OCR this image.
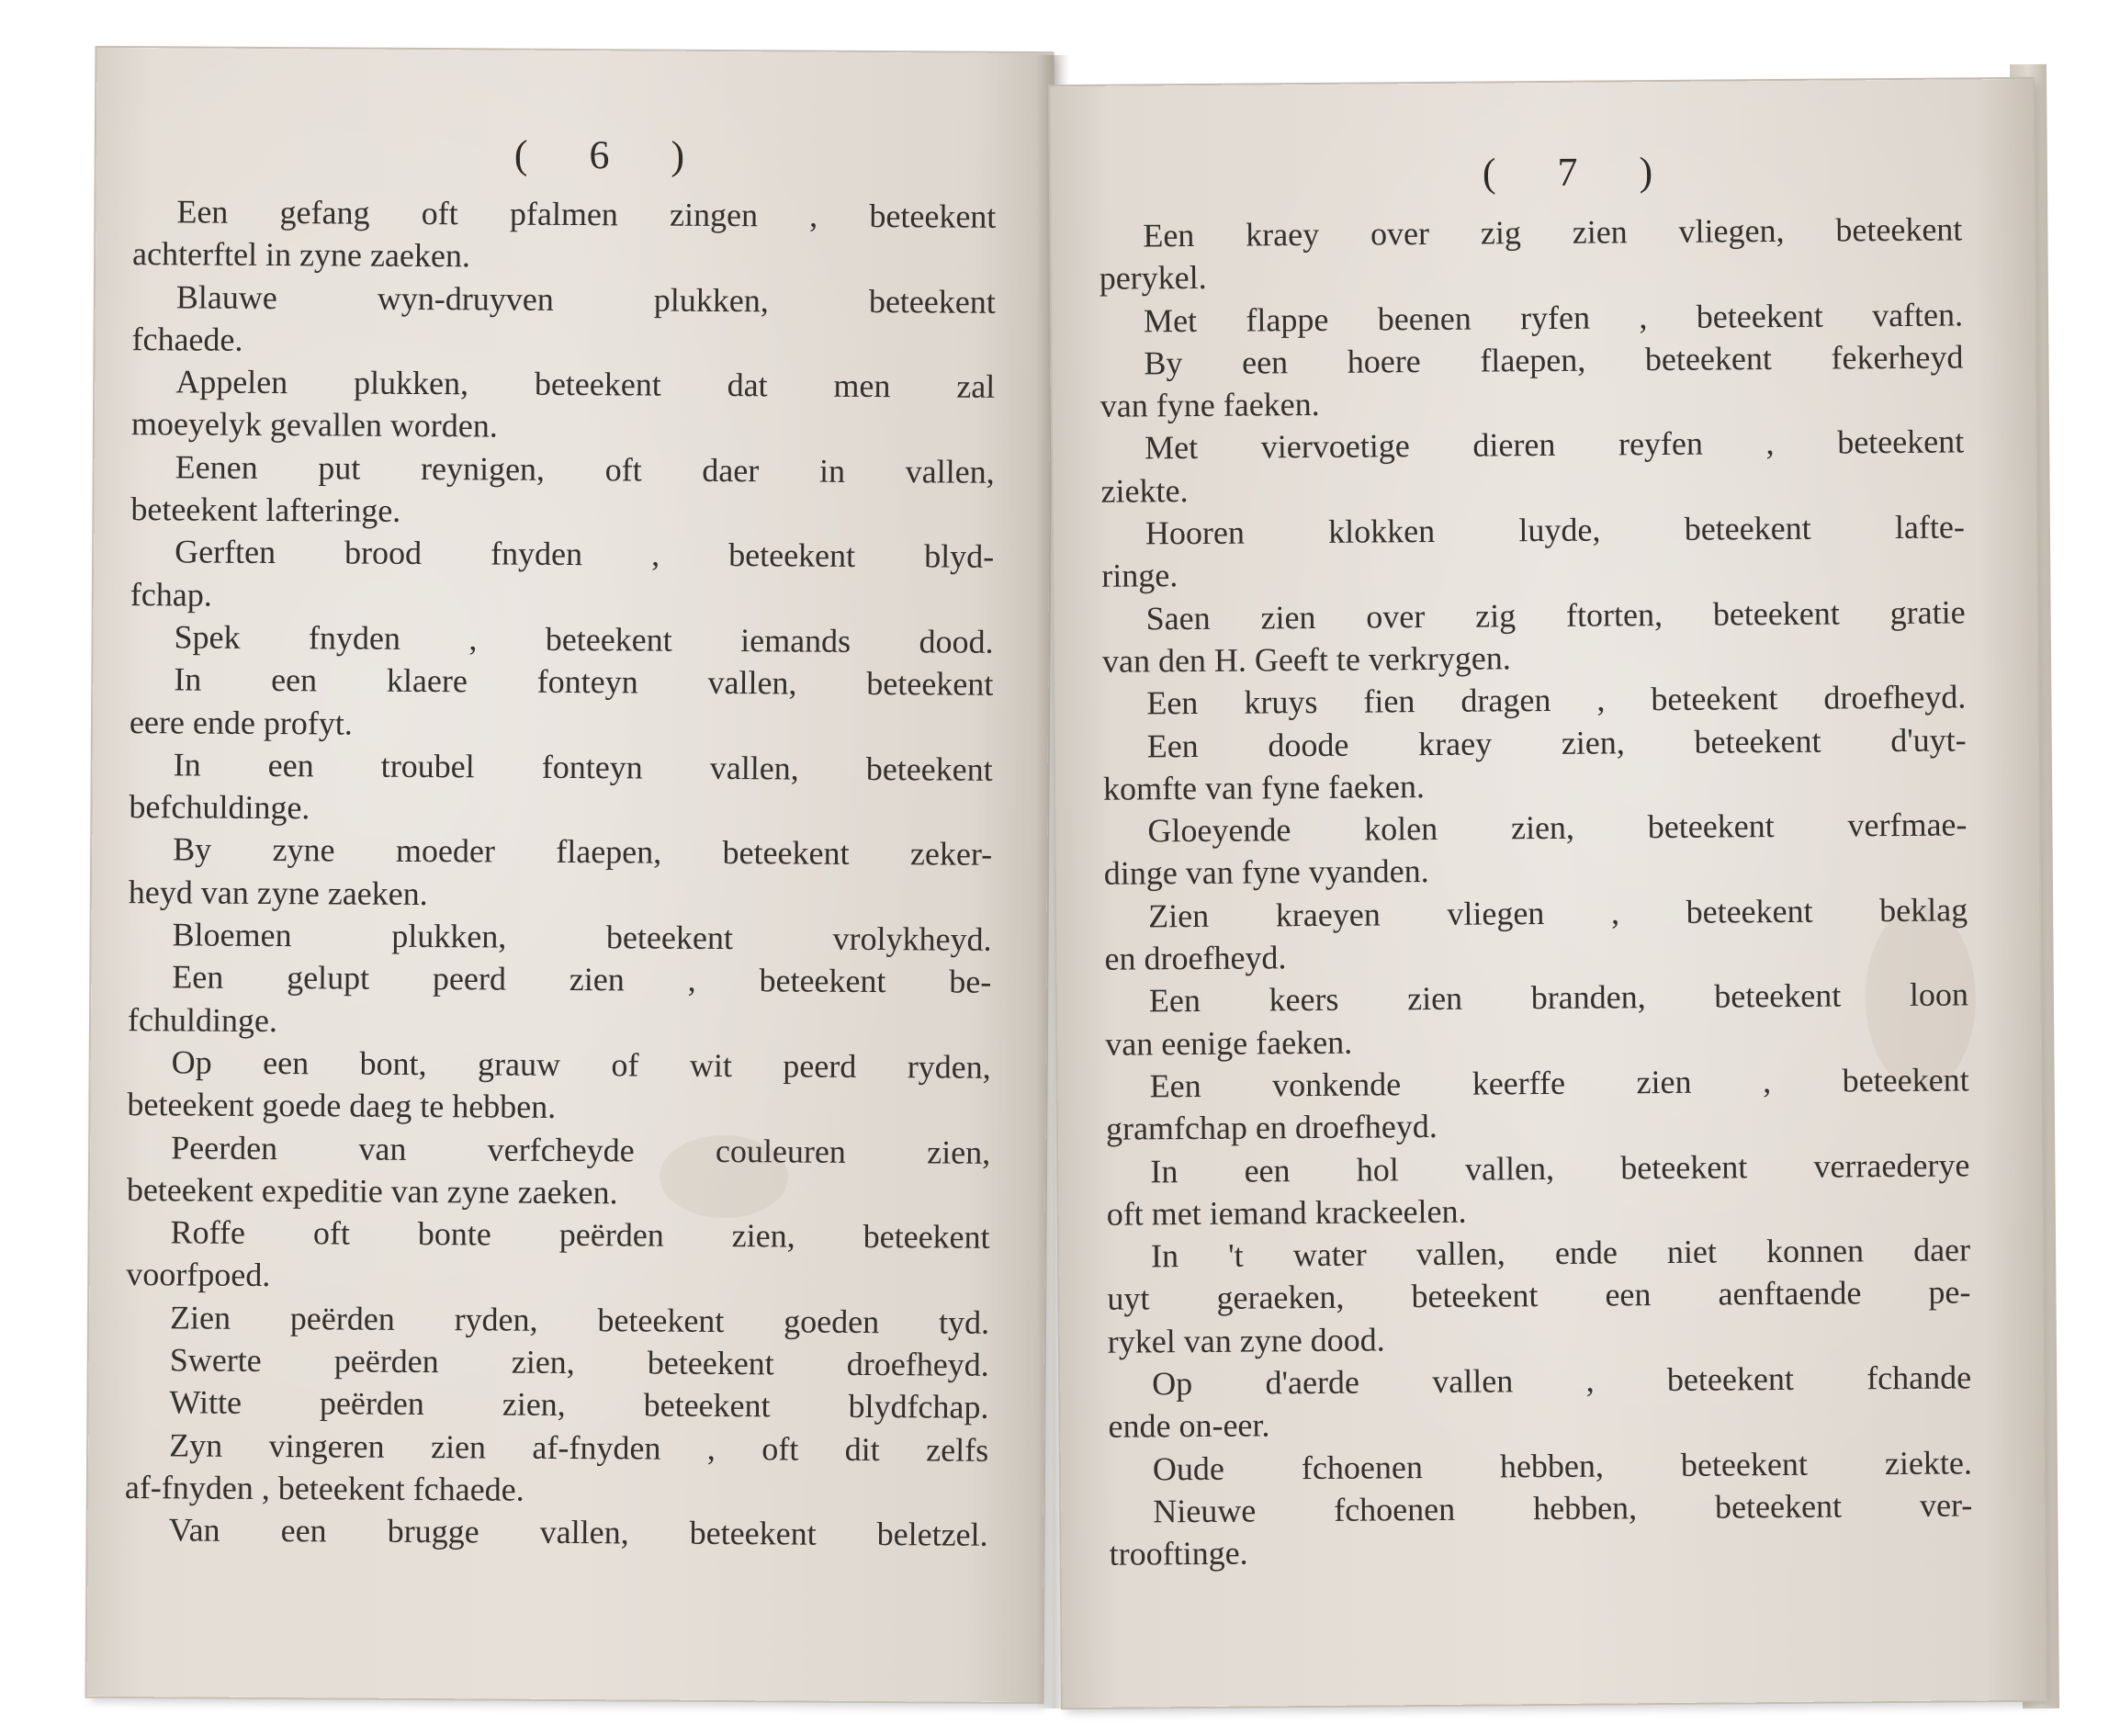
( 6 )
Een gefang oft pfalmen zingen , beteekent
achterftel in zyne zaeken.
Blauwe wyn-druyven plukken, beteekent
fchaede.
Appelen plukken, beteekent dat men zal
moeyelyk gevallen worden.
Eenen put reynigen, oft daer in vallen,
beteekent lafteringe.
Gerften brood fnyden , beteekent blyd-
fchap.
Spek fnyden , beteekent iemands dood.
In een klaere fonteyn vallen, beteekent
eere ende profyt.
In een troubel fonteyn vallen, beteekent
befchuldinge.
By zyne moeder flaepen, beteekent zeker-
heyd van zyne zaeken.
Bloemen plukken, beteekent vrolykheyd.
Een gelupt peerd zien , beteekent be-
fchuldinge.
Op een bont, grauw of wit peerd ryden,
beteekent goede daeg te hebben.
Peerden van verfcheyde couleuren zien,
beteekent expeditie van zyne zaeken.
Roffe oft bonte peërden zien, beteekent
voorfpoed.
Zien peërden ryden, beteekent goeden tyd.
Swerte peërden zien, beteekent droefheyd.
Witte peërden zien, beteekent blydfchap.
Zyn vingeren zien af-fnyden , oft dit zelfs
af-fnyden , beteekent fchaede.
Van een brugge vallen, beteekent beletzel.
( 7 )
Een kraey over zig zien vliegen, beteekent
perykel.
Met flappe beenen ryfen , beteekent vaften.
By een hoere flaepen, beteekent fekerheyd
van fyne faeken.
Met viervoetige dieren reyfen , beteekent
ziekte.
Hooren klokken luyde, beteekent lafte-
ringe.
Saen zien over zig ftorten, beteekent gratie
van den H. Geeft te verkrygen.
Een kruys fien dragen , beteekent droefheyd.
Een doode kraey zien, beteekent d'uyt-
komfte van fyne faeken.
Gloeyende kolen zien, beteekent verfmae-
dinge van fyne vyanden.
Zien kraeyen vliegen , beteekent beklag
en droefheyd.
Een keers zien branden, beteekent loon
van eenige faeken.
Een vonkende keerffe zien , beteekent
gramfchap en droefheyd.
In een hol vallen, beteekent verraederye
oft met iemand krackeelen.
In 't water vallen, ende niet konnen daer
uyt geraeken, beteekent een aenftaende pe-
rykel van zyne dood.
Op d'aerde vallen , beteekent fchande
ende on-eer.
Oude fchoenen hebben, beteekent ziekte.
Nieuwe fchoenen hebben, beteekent ver-
trooftinge.
